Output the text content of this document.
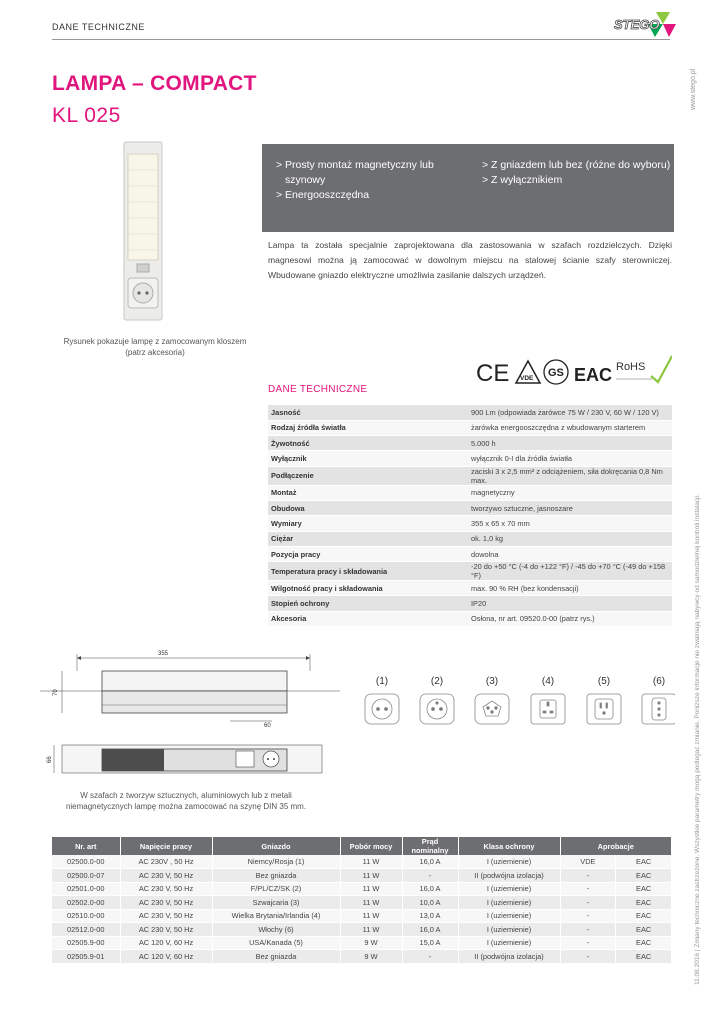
DANE TECHNICZNE	STEGO
www.stego.pl
11.08.2016 | Zmiany techniczne zastrzeżone. Wszystkie parametry mogą podlegać zmianie. Poniższe informacje nie zwalniają nabywcy od samodzielnej kontroli instalacji.
LAMPA – COMPACT
KL 025
Rysunek pokazuje lampę z zamocowanym kloszem (patrz akcesoria)
> Prosty montaż magnetyczny lub szynowy
> Energooszczędna
> Z gniazdem lub bez (różne do wyboru)
> Z wyłącznikiem
Lampa ta została specjalnie zaprojektowana dla zastosowania w szafach rozdzielczych. Dzięki magnesowi można ją zamocować w dowolnym miejscu na stalowej ścianie szafy sterowniczej. Wbudowane gniazdo elektryczne umożliwia zasilanie dalszych urządzeń.
CE VDE GS EAC RoHS
DANE TECHNICZNE
Jasność	900 Lm (odpowiada żarówce 75 W / 230 V, 60 W / 120 V)
Rodzaj źródła światła	żarówka energooszczędna z wbudowanym starterem
Żywotność	5.000 h
Wyłącznik	wyłącznik 0-I dla źródła światła
Podłączenie	zaciski 3 x 2,5 mm² z odciążeniem, siła dokręcania 0,8 Nm max.
Montaż	magnetyczny
Obudowa	tworzywo sztuczne, jasnoszare
Wymiary	355 x 65 x 70 mm
Ciężar	ok. 1,0 kg
Pozycja pracy	dowolna
Temperatura pracy i składowania	-20 do +50 °C (-4 do +122 °F) / -45 do +70 °C (-49 do +158 °F)
Wilgotność pracy i składowania	max. 90 % RH (bez kondensacji)
Stopień ochrony	IP20
Akcesoria	Osłona, nr art. 09520.0-00 (patrz rys.)
355
70
60
66
W szafach z tworzyw sztucznych, aluminiowych lub z metali niemagnetycznych lampę można zamocować na szynę DIN 35 mm.
(1)	(2)	(3)	(4)	(5)	(6)
Nr. art	Napięcie pracy	Gniazdo	Pobór mocy	Prąd nominalny	Klasa ochrony	Aprobacje	
02500.0-00	AC 230V , 50 Hz	Niemcy/Rosja (1)	11 W	16,0 A	I (uziemienie)	VDE	EAC
02500.0-07	AC 230 V, 50 Hz	Bez gniazda	11 W	-	II (podwójna izolacja)	-	EAC
02501.0-00	AC 230 V, 50 Hz	F/PL/CZ/SK (2)	11 W	16,0 A	I (uziemienie)	-	EAC
02502.0-00	AC 230 V, 50 Hz	Szwajcaria (3)	11 W	10,0 A	I (uziemienie)	-	EAC
02510.0-00	AC 230 V, 50 Hz	Wielka Brytania/Irlandia (4)	11 W	13,0 A	I (uziemienie)	-	EAC
02512.0-00	AC 230 V, 50 Hz	Włochy (6)	11 W	16,0 A	I (uziemienie)	-	EAC
02505.9-00	AC 120 V, 60 Hz	USA/Kanada (5)	9 W	15,0 A	I (uziemienie)	-	EAC
02505.9-01	AC 120 V, 60 Hz	Bez gniazda	9 W	-	II (podwójna izolacja)	-	EAC
